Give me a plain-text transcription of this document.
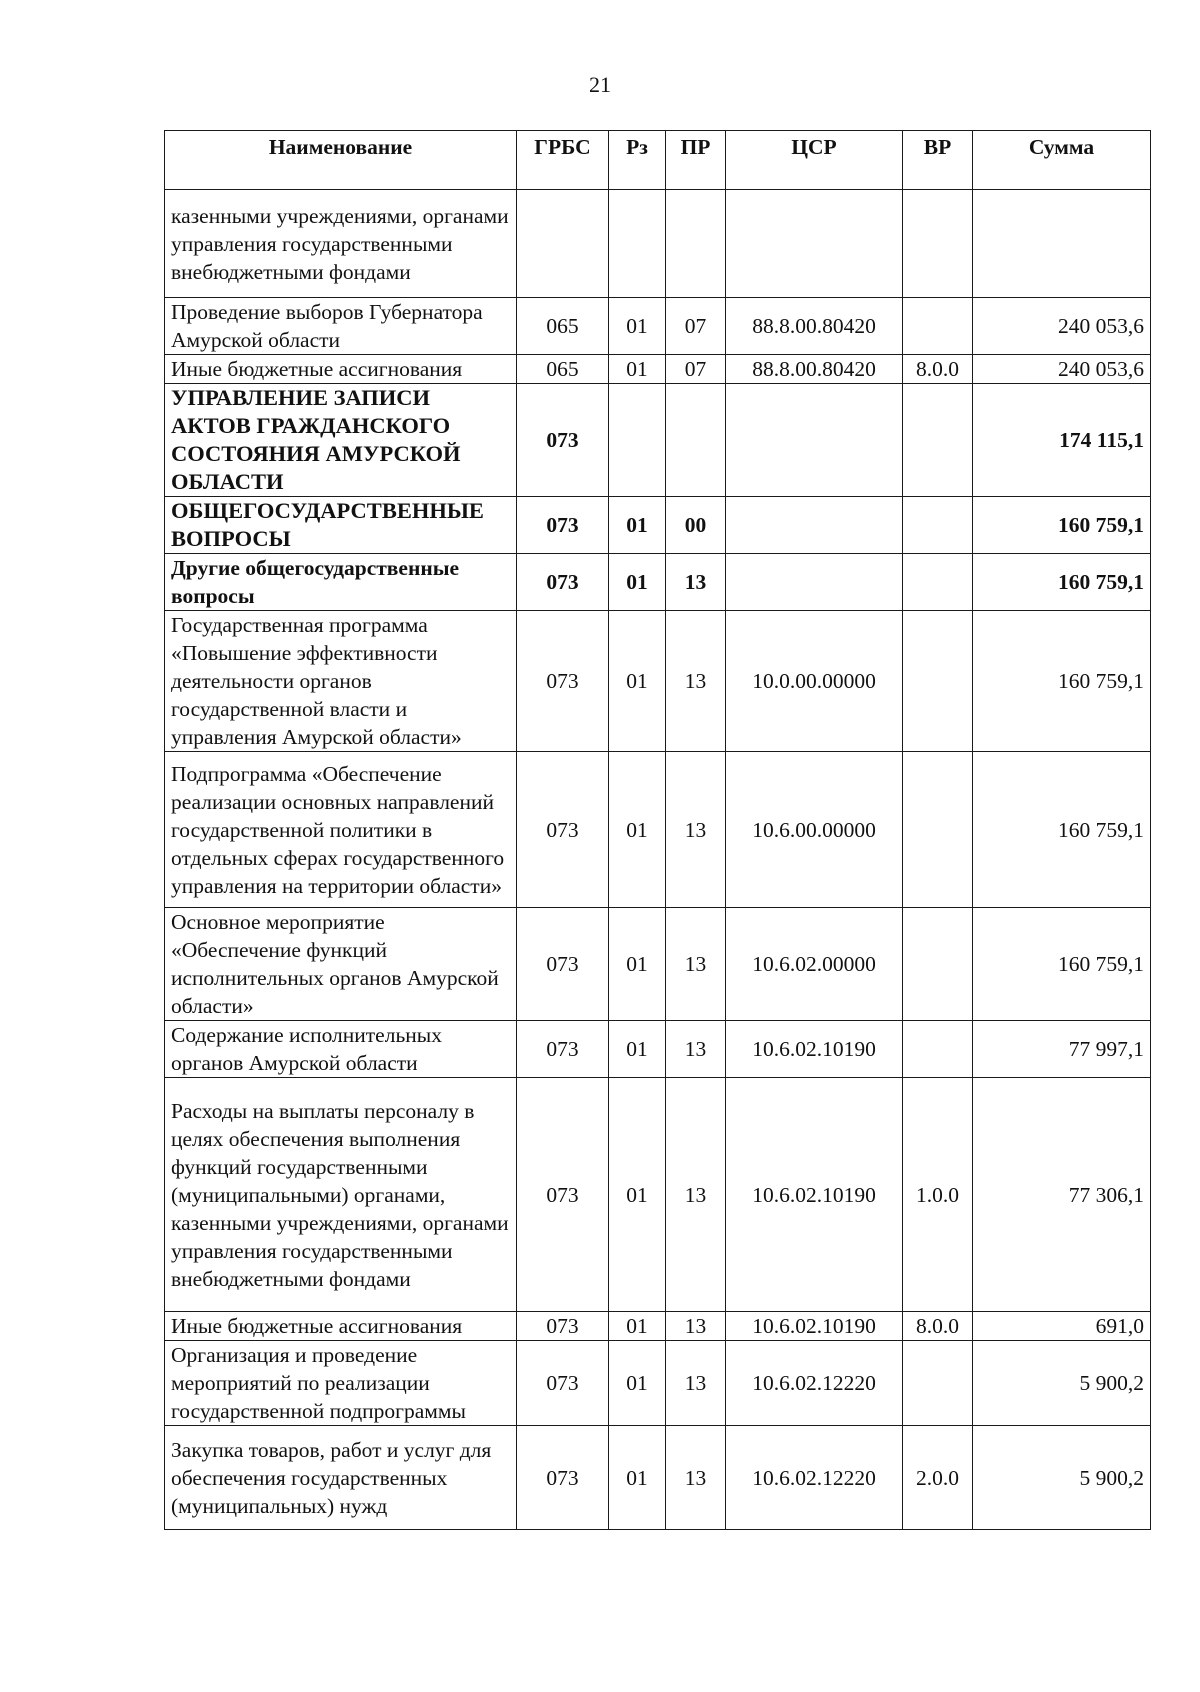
21
Наименование	ГРБС	Рз	ПР	ЦСР	ВР	Сумма
казенными учреждениями, органами управления государственными внебюджетными фондами						
Проведение выборов Губернатора Амурской области	065	01	07	88.8.00.80420		240 053,6
Иные бюджетные ассигнования	065	01	07	88.8.00.80420	8.0.0	240 053,6
УПРАВЛЕНИЕ ЗАПИСИ АКТОВ ГРАЖДАНСКОГО СОСТОЯНИЯ АМУРСКОЙ ОБЛАСТИ	073					174 115,1
ОБЩЕГОСУДАРСТВЕННЫЕ ВОПРОСЫ	073	01	00			160 759,1
Другие общегосударственные вопросы	073	01	13			160 759,1
Государственная программа «Повышение эффективности деятельности органов государственной власти и управления Амурской области»	073	01	13	10.0.00.00000		160 759,1
Подпрограмма «Обеспечение реализации основных направлений государственной политики в отдельных сферах государственного управления на территории области»	073	01	13	10.6.00.00000		160 759,1
Основное мероприятие «Обеспечение функций исполнительных органов Амурской области»	073	01	13	10.6.02.00000		160 759,1
Содержание исполнительных органов Амурской области	073	01	13	10.6.02.10190		77 997,1
Расходы на выплаты персоналу в целях обеспечения выполнения функций государственными (муниципальными) органами, казенными учреждениями, органами управления государственными внебюджетными фондами	073	01	13	10.6.02.10190	1.0.0	77 306,1
Иные бюджетные ассигнования	073	01	13	10.6.02.10190	8.0.0	691,0
Организация и проведение мероприятий по реализации государственной подпрограммы	073	01	13	10.6.02.12220		5 900,2
Закупка товаров, работ и услуг для обеспечения государственных (муниципальных) нужд	073	01	13	10.6.02.12220	2.0.0	5 900,2
